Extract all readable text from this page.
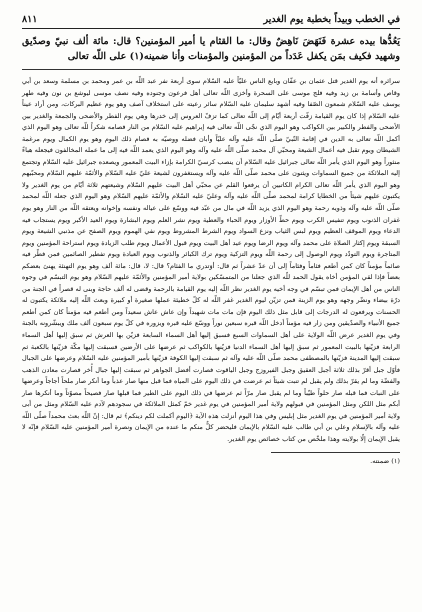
في الخطب وبيداً بخطبة يوم الغدير
٨١١

يَعُدُّها بيده عشرة فَنَهَضَ نَاهِضٌ وقال: ما القثام يا أمير المؤمنين؟ قال: مائة ألف نبيّ وصدّيق وشهيد فكيف بمَن يكفل عَدَداً من المؤمنين والمؤمنات وأنا ضمينه(١) على اللّه تعالى

سرائره أنه يوم الغدير قتل عثمان بن عفّان وبايع الناس عليّاً عليه السّلام سوى أربعة نفر عبد اللّه بن عمر ومحمد بن مسلمة وسعد بن أبي وقاص وأسامة بن زيد وفيه فلج موسى على السحرة وأخزى اللّه تعالى أهل فرعون وجنوده وفيه نصف موسى ليوشع بن نون وفيه طهر يوسف عليه السّلام شمعون الصّفا وفيه أشهد سليمان عليه السّلام سائر رعيته على استخلاف آصف وهو يوم عظيم البركات، ومن أراد عيناً عليه السّلام إذا كان يوم القيامة زفّت أربعة أيّام إلى اللّه تعالى كما تزفّ العروس إلى خدرها وهي يوم الفطر والأضحى والجمعة والغدير بين الأضحى والفطر والكبير بين الكواكب وهو اليوم الذي نجّى اللّه تعالى فيه إبراهيم عليه السّلام من النار فصامه شكراً للّه تعالى وهو اليوم الذي أكمل اللّه تعالى به الدين في إقامة النّبيّ صلّى اللّه عليه وآله عليّاً وأبان فضله ووصيّه به فصام ذلك اليوم وهو يوم الكمال ويوم مرغمة الشيطان ويوم تقبل فيه أعمال الشيعة ومحبّي آل محمد صلّى اللّه عليه وآله وهو اليوم الذي يعمد اللّه فيه إلى ما عمله المخالفون فيجعله هباءً منثوراً وهو اليوم الذي يأمر اللّه تعالى جبرائيل عليه السّلام أن ينصب كرسيّ الكرامة بإزاء البيت المعمور ويصعده جبرائيل عليه السّلام وتجتمع إليه الملائكة من جميع السماوات ويثنون على محمد صلّى اللّه عليه وآله ويستغفرون لشيعة عليّ عليه السّلام والأئمّة عليهم السّلام ومحبّيهم وهو اليوم الذي يأمر اللّه تعالى الكرام الكاتبين أن يرفعوا القلم عن محبّي أهل البيت عليهم السّلام وشيعتهم ثلاثة أيّام من يوم الغدير ولا يكتبون عليهم شيئاً من الخطايا كرامة لمحمد صلّى اللّه عليه وآله وعليّ عليه السّلام والأئمّة عليهم السّلام وهو اليوم الذي جعله اللّه لمحمد صلّى اللّه عليه وآله وذويه رحمة وهو اليوم الذي يزيد اللّه في مال من عبّد فيه ووسّع على عياله ونفسه وإخوانه ويعتقه اللّه من النار وهو يوم غفران الذنوب ويوم تنفيس الكرب ويوم حطّ الأوزار ويوم الحباء والعطية ويوم نشر العلم ويوم البشارة ويوم العيد الأكبر ويوم يستجاب فيه الدعاء ويوم الموقف العظيم ويوم لبس الثياب ونزع السواد ويوم الشرط المشروط ويوم نفي الهموم ويوم الصفح عن مذنبي الشيعة ويوم السبقة ويوم إكثار الصلاة على محمد وآله ويوم الرضا ويوم عيد أهل البيت ويوم قبول الأعمال ويوم طلب الزيادة ويوم استراحة المؤمنين ويوم المتاجرة ويوم التودّد ويوم الوصول إلى رحمة اللّه ويوم التزكية ويوم ترك الكبائر والذنوب ويوم العبادة ويوم تفطير الصائمين فمن فطّر فيه صائماً مؤمناً كان كمن أطعم فئاماً وفئاماً إلى أن عدّ عشراً ثم قال: أوَتدري ما الفئام؟ قال: لا، قال: مائة ألف وهو يوم التهنئة يهنئ بعضكم بعضاً فإذا لقي المؤمن أخاه يقول الحمد للّه الذي جعلنا من المتمسّكين بولاية أمير المؤمنين والأئمّة عليهم السّلام وهو يوم التبسّم في وجوه الناس من أهل الإيمان فمن تبسّم في وجه أخيه يوم الغدير نظر اللّه إليه يوم القيامة بالرحمة وقضى له ألف حاجة وبنى له قصراً في الجنة من درّة بيضاء ونضّر وجهه وهو يوم الزينة فمن تزيّن ليوم الغدير غفر اللّه له كلّ خطيئة عملها صغيرة أو كبيرة وبعث اللّه إليه ملائكة يكتبون له الحسنات ويرفعون له الدرجات إلى قابل مثل ذلك اليوم فإن مات مات شهيداً وإن عاش عاش سعيداً ومن أطعم فيه مؤمناً كان كمن أطعم جميع الأنبياء والصدّيقين ومن زار فيه مؤمناً أدخل اللّه قبره سبعين نوراً ووسّع عليه قبره ويزوره في كلّ يوم سبعون ألف ملك ويبشّرونه بالجنة وفي يوم الغدير عرض اللّه الولاية على أهل السماوات السبع فسبق إليها أهل السماء السابعة فزيّن بها العرش ثم سبق إليها أهل السماء الرابعة فزيّنها بالبيت المعمور ثم سبق إليها أهل السماء الدنيا فزيّنها بالكواكب ثم عرضها على الأرضين فسبقت إليها مكّة فزيّنها بالكعبة ثم سبقت إليها المدينة فزيّنها بالمصطفى محمد صلّى اللّه عليه وآله ثم سبقت إليها الكوفة فزيّنها بأمير المؤمنين عليه السّلام وعرضها على الجبال فأوّل جبل أقرّ بذلك ثلاثة أجبل العقيق وجبل الفيروزج وجبل الياقوت فصارت أفضل الجواهر ثم سبقت إليها جبال أُخر فصارت معادن الذهب والفضّة وما لم يقرّ بذلك ولم يقبل لم تنبت شيئاً ثم عرضت في ذلك اليوم على المياه فما قبل منها صار عذباً وما أنكر صار ملحاً أجاجاً وعرضها على النبات فما قبله صار حلواً طيّباً وما لم يقبل صار مرّاً ثم عرضها في ذلك اليوم على الطير فما قبلها صار فصيحاً مصوّتاً وما أنكرها صار أبكم مثل اللكن ومثل المؤمنين في قبولهم ولاية أمير المؤمنين في يوم غدير خمّ كمثل الملائكة في سجودهم لآدم عليه السّلام ومثل من أبى ولاية أمير المؤمنين في يوم الغدير مثل إبليس وفي هذا اليوم أنزلت هذه الآية ﴿اليوم أكملت لكم دينكم﴾ ثم قال: إنّ اللّه بعث محمداً صلّى اللّه عليه وآله بالإسلام وعلي بن أبي طالب عليه السّلام بالإيمان فليحضر كلٌّ منكم ما عنده من الإيمان ونصرة أمير المؤمنين عليه السّلام فإنّه لا يقبل الإيمان إلّا بولايته وهذا ملخّص من كتاب خصائص يوم الغدير.

(١) ضمنته.
